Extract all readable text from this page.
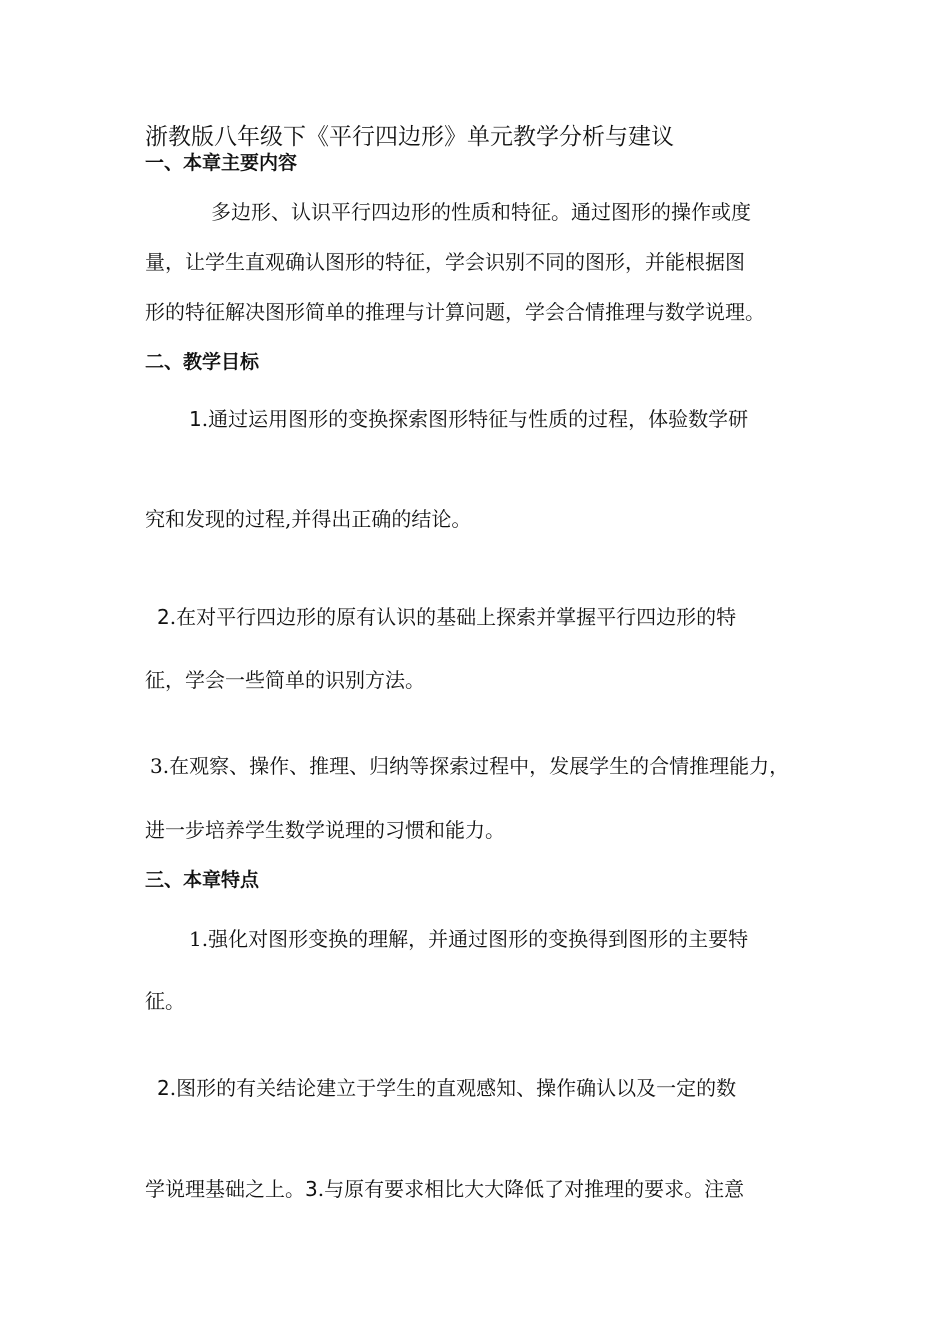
浙教版八年级下《平行四边形》单元教学分析与建议
一、本章主要内容

多边形、认识平行四边形的性质和特征。通过图形的操作或度

量，让学生直观确认图形的特征，学会识别不同的图形，并能根据图

形的特征解决图形简单的推理与计算问题，学会合情推理与数学说理。

二、教学目标

1.通过运用图形的变换探索图形特征与性质的过程，体验数学研

究和发现的过程,并得出正确的结论。

2.在对平行四边形的原有认识的基础上探索并掌握平行四边形的特

征，学会一些简单的识别方法。

3.在观察、操作、推理、归纳等探索过程中，发展学生的合情推理能力，

进一步培养学生数学说理的习惯和能力。

三、本章特点

1.强化对图形变换的理解，并通过图形的变换得到图形的主要特

征。

2.图形的有关结论建立于学生的直观感知、操作确认以及一定的数

学说理基础之上。3.与原有要求相比大大降低了对推理的要求。注意
